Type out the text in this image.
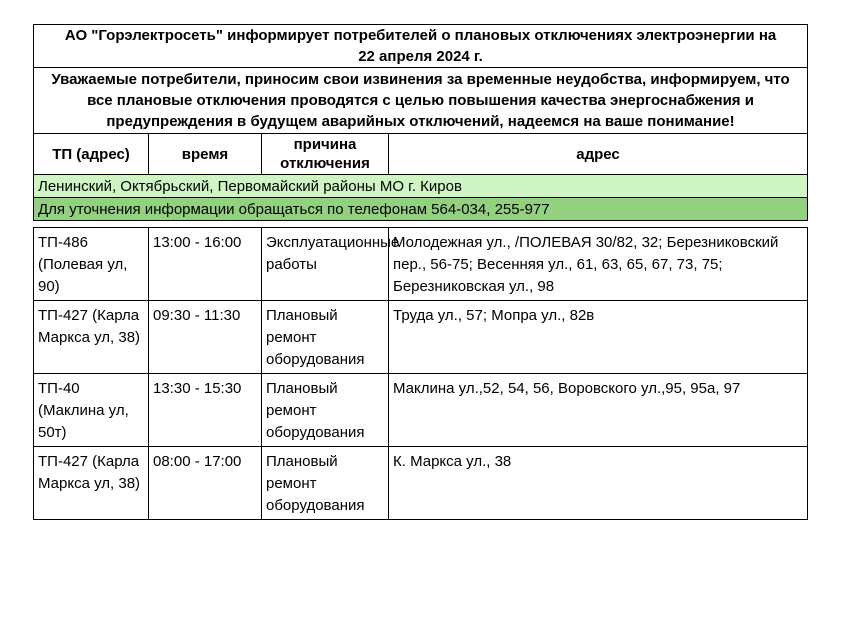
АО "Горэлектросеть" информирует потребителей о плановых отключениях электроэнергии на
22 апреля 2024 г.			

Уважаемые потребители, приносим свои извинения за временные неудобства, информируем, что все плановые отключения проводятся с целью повышения качества энергоснабжения и предупреждения в будущем аварийных отключений, надеемся на ваше понимание!			
ТП (адрес)	время	причина отключения	адрес
Ленинский, Октябрьский, Первомайский районы МО г. Киров			
Для уточнения информации обращаться по телефонам 564-034, 255-977			

ТП-486 (Полевая ул, 90)	13:00 - 16:00	Эксплуатационные работы	Молодежная ул., /ПОЛЕВАЯ 30/82, 32; Березниковский пер., 56-75; Весенняя ул., 61, 63, 65, 67, 73, 75; Березниковская ул., 98
ТП-427 (Карла Маркса ул, 38)	09:30 - 11:30	Плановый ремонт оборудования	Труда ул., 57; Мопра ул., 82в
ТП-40 (Маклина ул, 50т)	13:30 - 15:30	Плановый ремонт оборудования	Маклина ул.,52, 54, 56, Воровского ул.,95, 95а, 97
ТП-427 (Карла Маркса ул, 38)	08:00 - 17:00	Плановый ремонт оборудования	К. Маркса ул., 38
